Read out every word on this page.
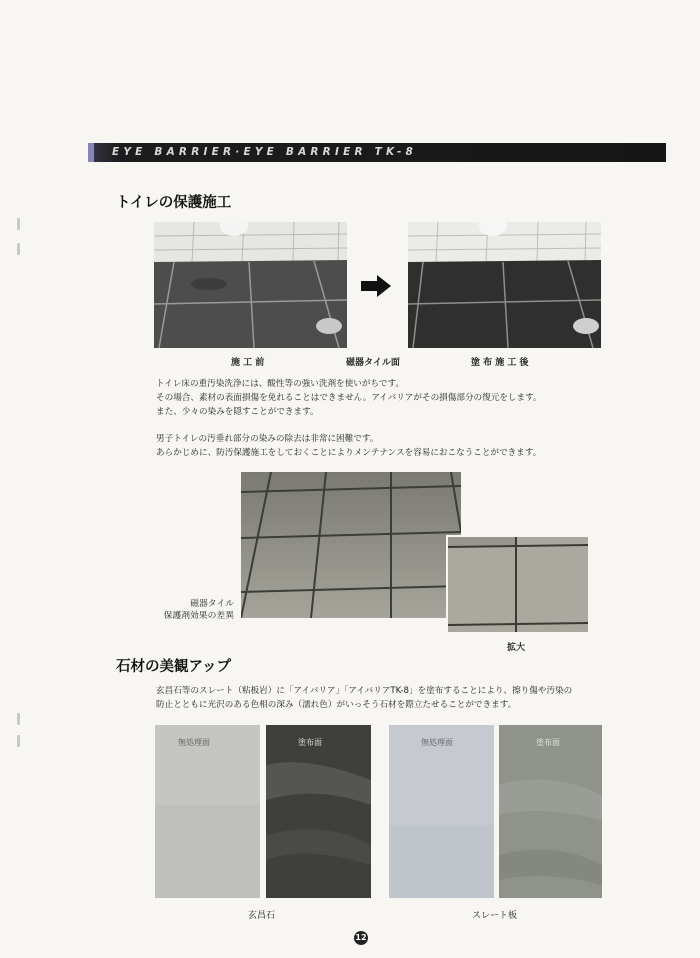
EYE BARRIER·EYE BARRIER TK-8
トイレの保護施工
施 工 前	磁器タイル面	塗 布 施 工 後
トイレ床の重汚染洗浄には、酸性等の強い洗剤を使いがちです。
その場合、素材の表面損傷を免れることはできません。アイバリアがその損傷部分の復元をします。
また、少々の染みを隠すことができます。
男子トイレの汚垂れ部分の染みの除去は非常に困難です。
あらかじめに、防汚保護施工をしておくことによりメンテナンスを容易におこなうことができます。
磁器タイル
保護剤効果の差異
拡大
石材の美観アップ
玄昌石等のスレート（粘板岩）に「アイバリア」「アイバリアTK-8」を塗布することにより、擦り傷や汚染の
防止とともに光沢のある色相の深み（濡れ色）がいっそう石材を際立たせることができます。
無処理面	塗布面	無処理面	塗布面
玄昌石	スレート板
12
